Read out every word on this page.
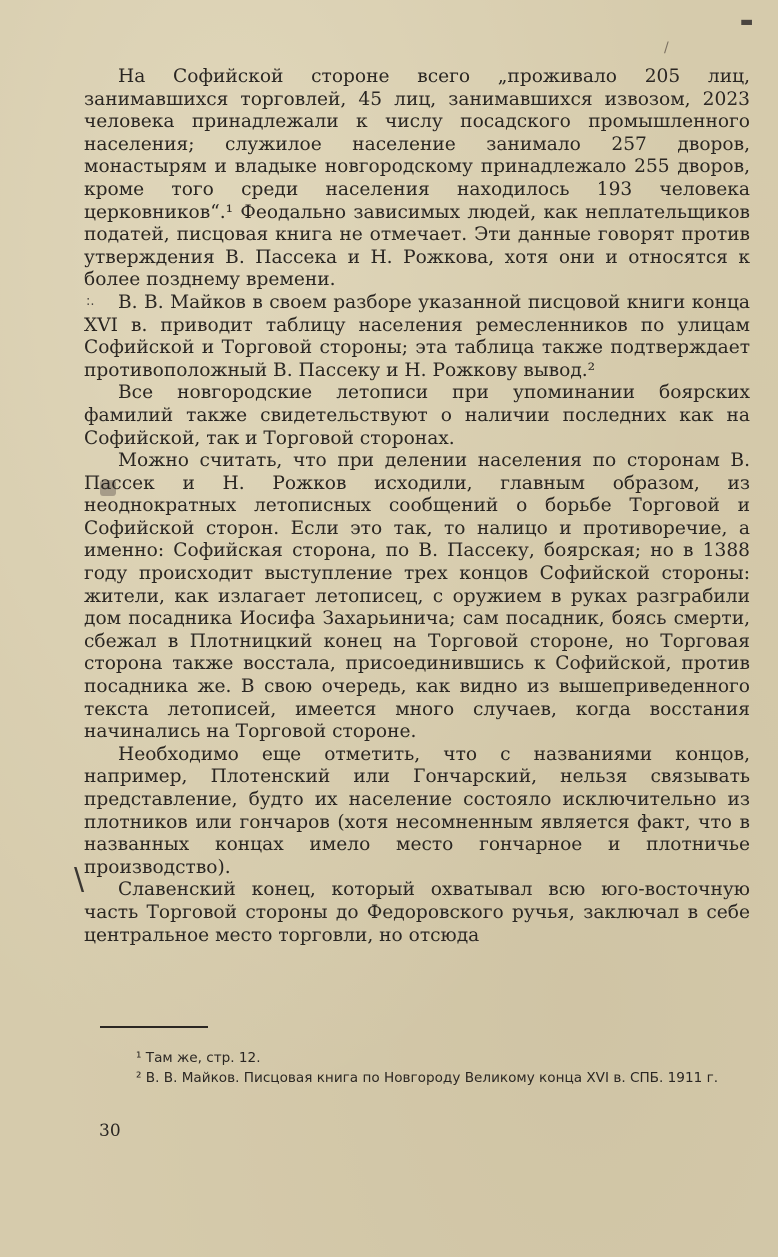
▬
/
:.
\

На Софийской стороне всего „проживало 205 лиц, занимавшихся торговлей, 45 лиц, занимавшихся извозом, 2023 человека принадлежали к числу посадского промышленного населения; служилое население занимало 257 дворов, монастырям и владыке новгородскому принадлежало 255 дворов, кроме того среди населения находилось 193 человека церковников“.¹ Феодально зависимых людей, как неплательщиков податей, писцовая книга не отмечает. Эти данные говорят против утверждения В. Пассека и Н. Рожкова, хотя они и относятся к более позднему времени.

В. В. Майков в своем разборе указанной писцовой книги конца XVI в. приводит таблицу населения ремесленников по улицам Софийской и Торговой стороны; эта таблица также подтверждает противоположный В. Пассеку и Н. Рожкову вывод.²

Все новгородские летописи при упоминании боярских фамилий также свидетельствуют о наличии последних как на Софийской, так и Торговой сторонах.

Можно считать, что при делении населения по сторонам В. Пассек и Н. Рожков исходили, главным образом, из неоднократных летописных сообщений о борьбе Торговой и Софийской сторон. Если это так, то налицо и противоречие, а именно: Софийская сторона, по В. Пассеку, боярская; но в 1388 году происходит выступление трех концов Софийской стороны: жители, как излагает летописец, с оружием в руках разграбили дом посадника Иосифа Захарьинича; сам посадник, боясь смерти, сбежал в Плотницкий конец на Торговой стороне, но Торговая сторона также восстала, присоединившись к Софийской, против посадника же. В свою очередь, как видно из вышеприведенного текста летописей, имеется много случаев, когда восстания начинались на Торговой стороне.

Необходимо еще отметить, что с названиями концов, например, Плотенский или Гончарский, нельзя связывать представление, будто их население состояло исключительно из плотников или гончаров (хотя несомненным является факт, что в названных концах имело место гончарное и плотничье производство).

Славенский конец, который охватывал всю юго-восточную часть Торговой стороны до Федоровского ручья, заключал в себе центральное место торговли, но отсюда

¹ Там же, стр. 12.

² В. В. Майков. Писцовая книга по Новгороду Великому конца XVI в. СПБ. 1911 г.

30
